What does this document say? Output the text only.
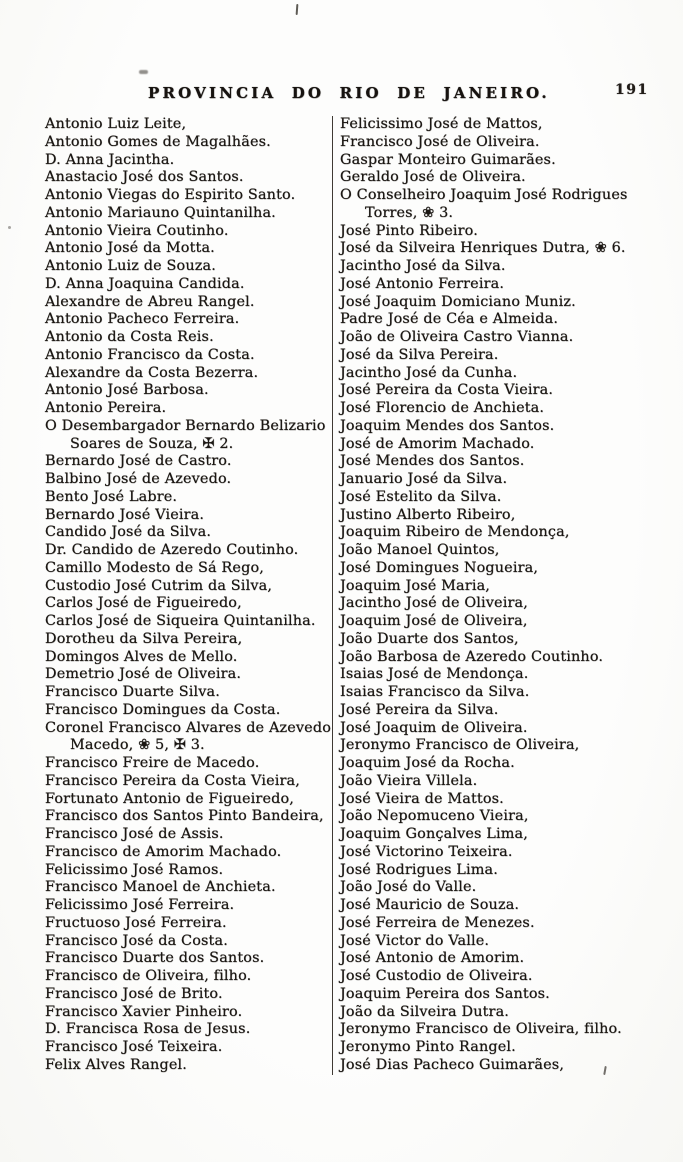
PROVINCIA DO RIO DE JANEIRO.	191
Antonio Luiz Leite,
Antonio Gomes de Magalhães.
D. Anna Jacintha.
Anastacio José dos Santos.
Antonio Viegas do Espirito Santo.
Antonio Mariauno Quintanilha.
Antonio Vieira Coutinho.
Antonio José da Motta.
Antonio Luiz de Souza.
D. Anna Joaquina Candida.
Alexandre de Abreu Rangel.
Antonio Pacheco Ferreira.
Antonio da Costa Reis.
Antonio Francisco da Costa.
Alexandre da Costa Bezerra.
Antonio José Barbosa.
Antonio Pereira.
O Desembargador Bernardo Belizario
Soares de Souza, ✠ 2.
Bernardo José de Castro.
Balbino José de Azevedo.
Bento José Labre.
Bernardo José Vieira.
Candido José da Silva.
Dr. Candido de Azeredo Coutinho.
Camillo Modesto de Sá Rego,
Custodio José Cutrim da Silva,
Carlos José de Figueiredo,
Carlos José de Siqueira Quintanilha.
Dorotheu da Silva Pereira,
Domingos Alves de Mello.
Demetrio José de Oliveira.
Francisco Duarte Silva.
Francisco Domingues da Costa.
Coronel Francisco Alvares de Azevedo
Macedo, ❀ 5, ✠ 3.
Francisco Freire de Macedo.
Francisco Pereira da Costa Vieira,
Fortunato Antonio de Figueiredo,
Francisco dos Santos Pinto Bandeira,
Francisco José de Assis.
Francisco de Amorim Machado.
Felicissimo José Ramos.
Francisco Manoel de Anchieta.
Felicissimo José Ferreira.
Fructuoso José Ferreira.
Francisco José da Costa.
Francisco Duarte dos Santos.
Francisco de Oliveira, filho.
Francisco José de Brito.
Francisco Xavier Pinheiro.
D. Francisca Rosa de Jesus.
Francisco José Teixeira.
Felix Alves Rangel.
Felicissimo José de Mattos,
Francisco José de Oliveira.
Gaspar Monteiro Guimarães.
Geraldo José de Oliveira.
O Conselheiro Joaquim José Rodrigues
Torres, ❀ 3.
José Pinto Ribeiro.
José da Silveira Henriques Dutra, ❀ 6.
Jacintho José da Silva.
José Antonio Ferreira.
José Joaquim Domiciano Muniz.
Padre José de Céa e Almeida.
João de Oliveira Castro Vianna.
José da Silva Pereira.
Jacintho José da Cunha.
José Pereira da Costa Vieira.
José Florencio de Anchieta.
Joaquim Mendes dos Santos.
José de Amorim Machado.
José Mendes dos Santos.
Januario José da Silva.
José Estelito da Silva.
Justino Alberto Ribeiro,
Joaquim Ribeiro de Mendonça,
João Manoel Quintos,
José Domingues Nogueira,
Joaquim José Maria,
Jacintho José de Oliveira,
Joaquim José de Oliveira,
João Duarte dos Santos,
João Barbosa de Azeredo Coutinho.
Isaias José de Mendonça.
Isaias Francisco da Silva.
José Pereira da Silva.
José Joaquim de Oliveira.
Jeronymo Francisco de Oliveira,
Joaquim José da Rocha.
João Vieira Villela.
José Vieira de Mattos.
João Nepomuceno Vieira,
Joaquim Gonçalves Lima,
José Victorino Teixeira.
José Rodrigues Lima.
João José do Valle.
José Mauricio de Souza.
José Ferreira de Menezes.
José Victor do Valle.
José Antonio de Amorim.
José Custodio de Oliveira.
Joaquim Pereira dos Santos.
João da Silveira Dutra.
Jeronymo Francisco de Oliveira, filho.
Jeronymo Pinto Rangel.
José Dias Pacheco Guimarães,
